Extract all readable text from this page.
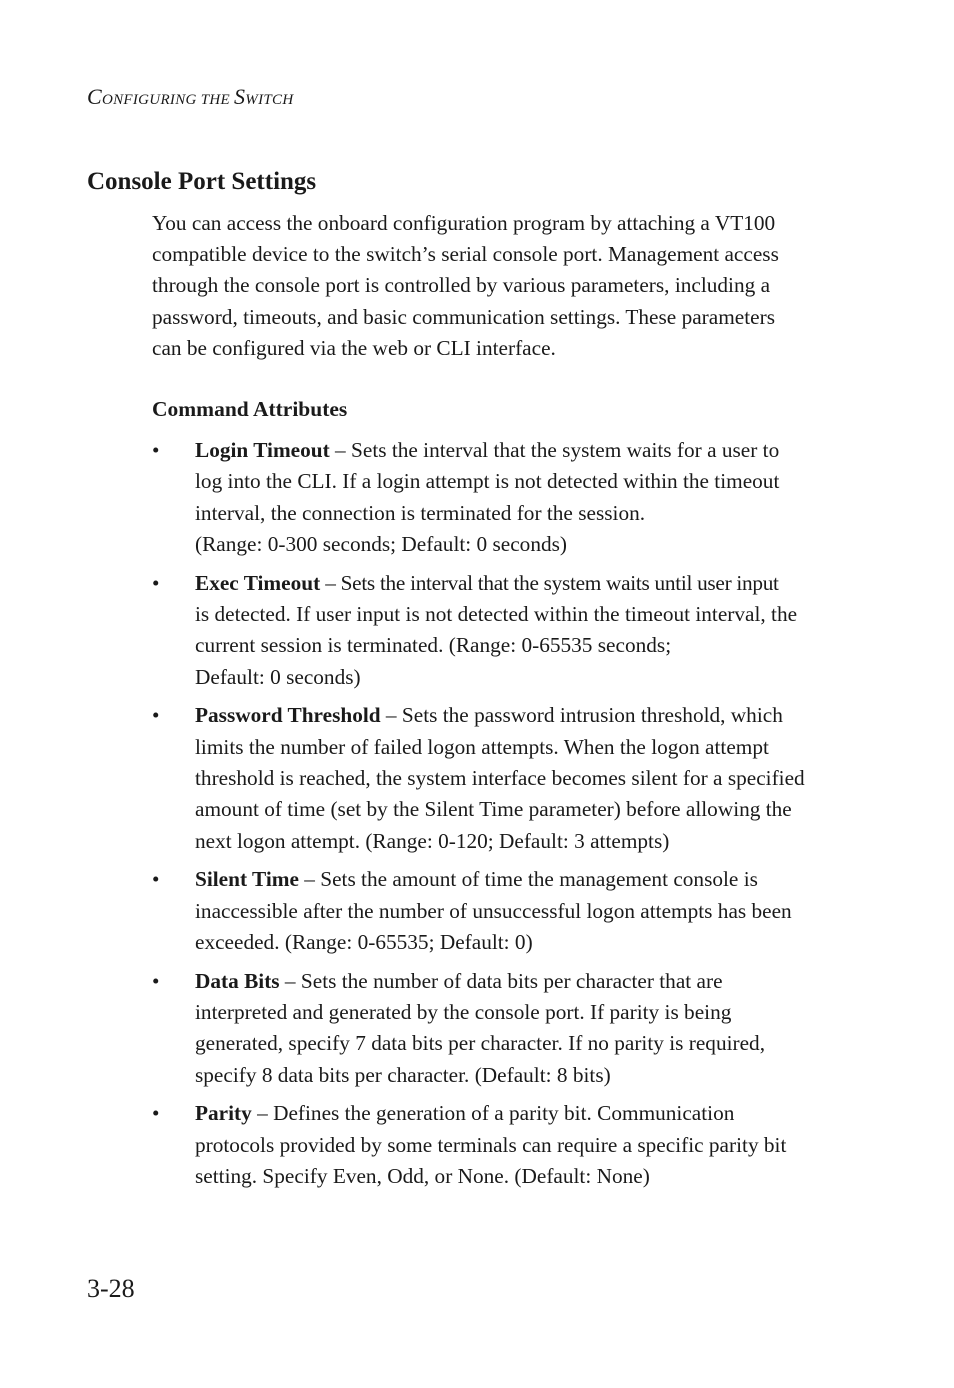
CONFIGURING THE SWITCH
Console Port Settings

You can access the onboard configuration program by attaching a VT100
compatible device to the switch’s serial console port. Management access
through the console port is controlled by various parameters, including a
password, timeouts, and basic communication settings. These parameters
can be configured via the web or CLI interface.

Command Attributes
• Login Timeout – Sets the interval that the system waits for a user to
log into the CLI. If a login attempt is not detected within the timeout
interval, the connection is terminated for the session.
(Range: 0-300 seconds; Default: 0 seconds)
• Exec Timeout – Sets the interval that the system waits until user input
is detected. If user input is not detected within the timeout interval, the
current session is terminated. (Range: 0-65535 seconds;
Default: 0 seconds)
• Password Threshold – Sets the password intrusion threshold, which
limits the number of failed logon attempts. When the logon attempt
threshold is reached, the system interface becomes silent for a specified
amount of time (set by the Silent Time parameter) before allowing the
next logon attempt. (Range: 0-120; Default: 3 attempts)
• Silent Time – Sets the amount of time the management console is
inaccessible after the number of unsuccessful logon attempts has been
exceeded. (Range: 0-65535; Default: 0)
• Data Bits – Sets the number of data bits per character that are
interpreted and generated by the console port. If parity is being
generated, specify 7 data bits per character. If no parity is required,
specify 8 data bits per character. (Default: 8 bits)
• Parity – Defines the generation of a parity bit. Communication
protocols provided by some terminals can require a specific parity bit
setting. Specify Even, Odd, or None. (Default: None)
3-28
